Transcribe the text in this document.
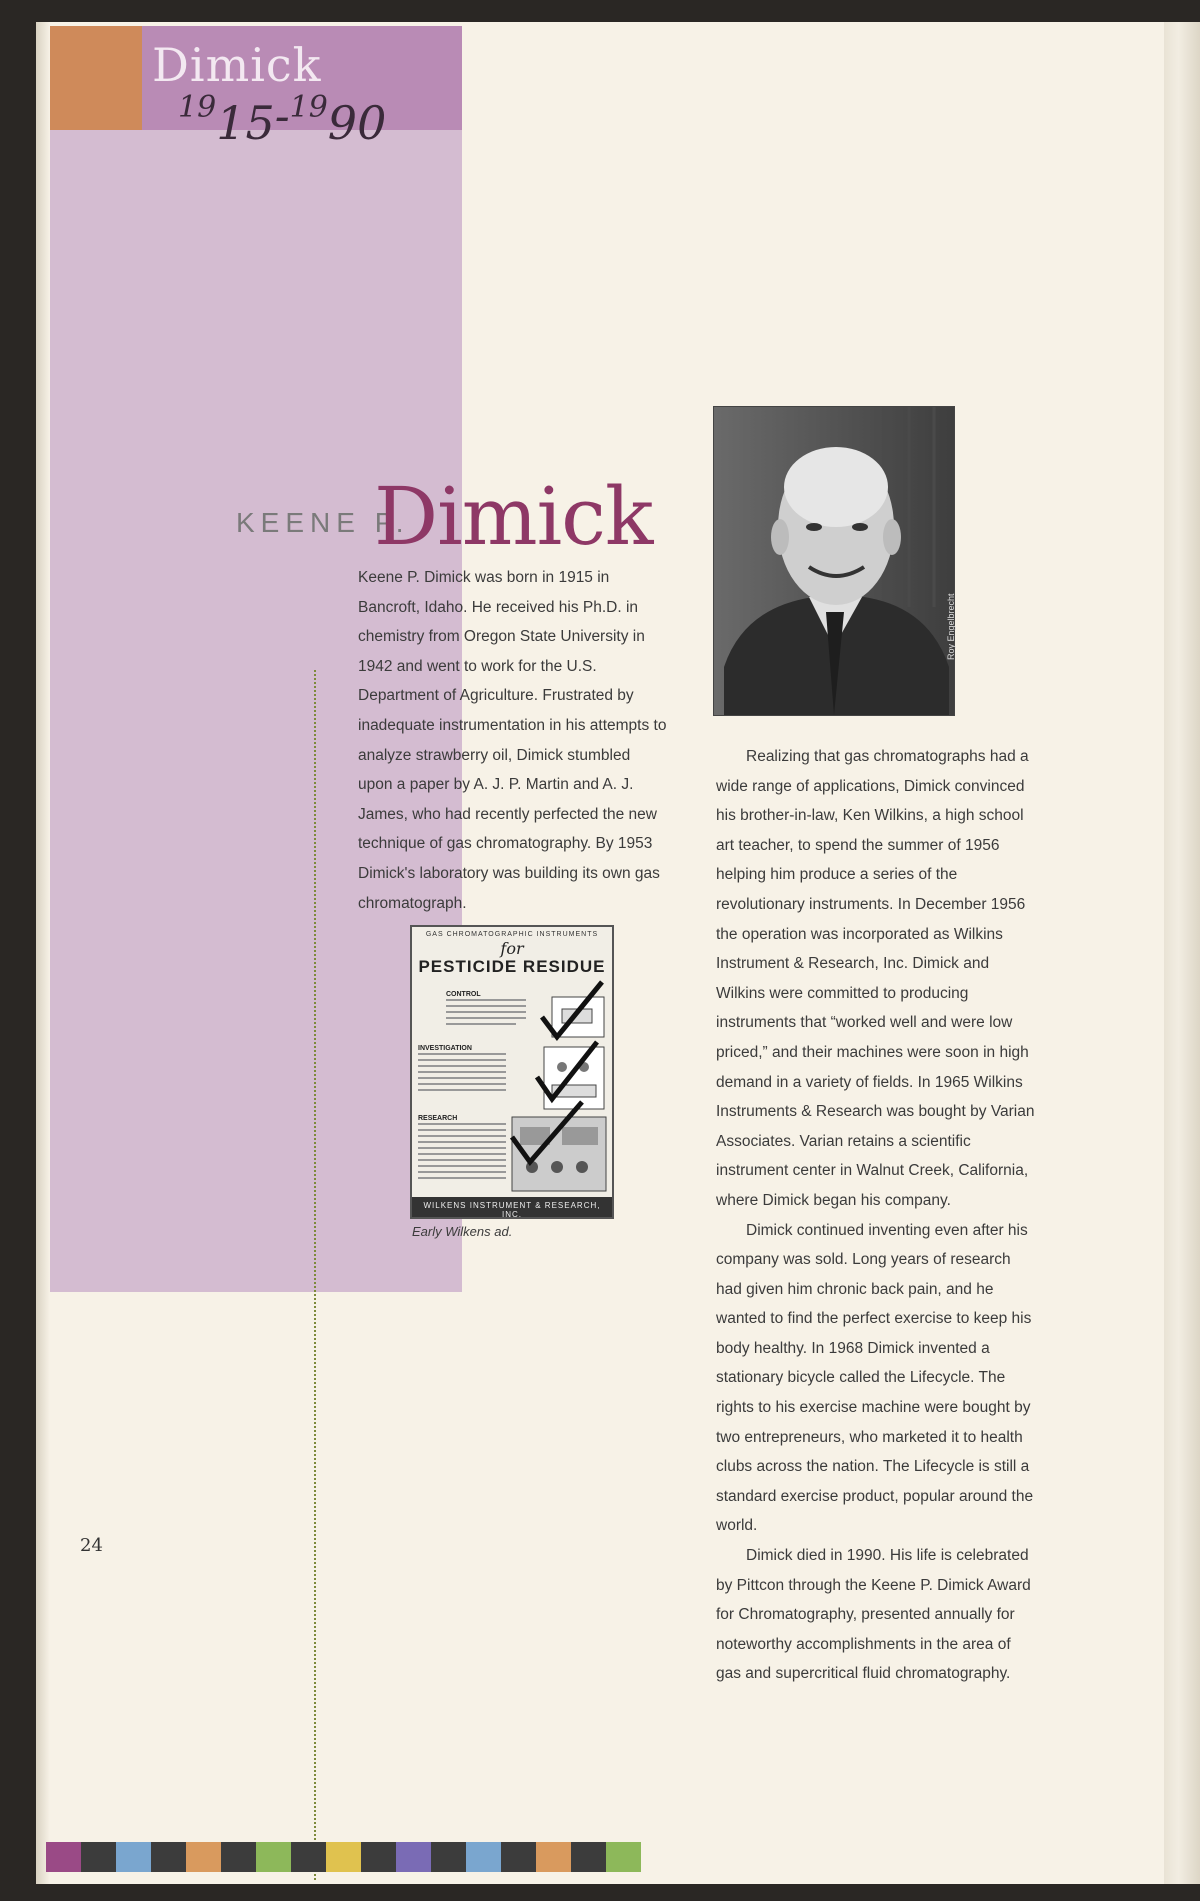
Dimick
$^{19}$15-$^{19}$90
KEENE P.
Dimick
Keene P. Dimick was born in 1915 in Bancroft, Idaho. He received his Ph.D. in chemistry from Oregon State University in 1942 and went to work for the U.S. Department of Agriculture. Frustrated by inadequate instrumentation in his attempts to analyze strawberry oil, Dimick stumbled upon a paper by A. J. P. Martin and A. J. James, who had recently perfected the new technique of gas chromatography. By 1953 Dimick's laboratory was building its own gas chromatograph.
Roy Engelbrecht

Realizing that gas chromatographs had a wide range of applications, Dimick convinced his brother-in-law, Ken Wilkins, a high school art teacher, to spend the summer of 1956 helping him produce a series of the revolutionary instruments. In December 1956 the operation was incorporated as Wilkins Instrument & Research, Inc. Dimick and Wilkins were committed to producing instruments that “worked well and were low priced,” and their machines were soon in high demand in a variety of fields. In 1965 Wilkins Instruments & Research was bought by Varian Associates. Varian retains a scientific instrument center in Walnut Creek, California, where Dimick began his company.

Dimick continued inventing even after his company was sold. Long years of research had given him chronic back pain, and he wanted to find the perfect exercise to keep his body healthy. In 1968 Dimick invented a stationary bicycle called the Lifecycle. The rights to his exercise machine were bought by two entrepreneurs, who marketed it to health clubs across the nation. The Lifecycle is still a standard exercise product, popular around the world.

Dimick died in 1990. His life is celebrated by Pittcon through the Keene P. Dimick Award for Chromatography, presented annually for noteworthy accomplishments in the area of gas and supercritical fluid chromatography.

GAS CHROMATOGRAPHIC INSTRUMENTS
for
PESTICIDE RESIDUE
CONTROL
INVESTIGATION
RESEARCH
WILKENS INSTRUMENT & RESEARCH, INC.
Early Wilkens ad.
24
